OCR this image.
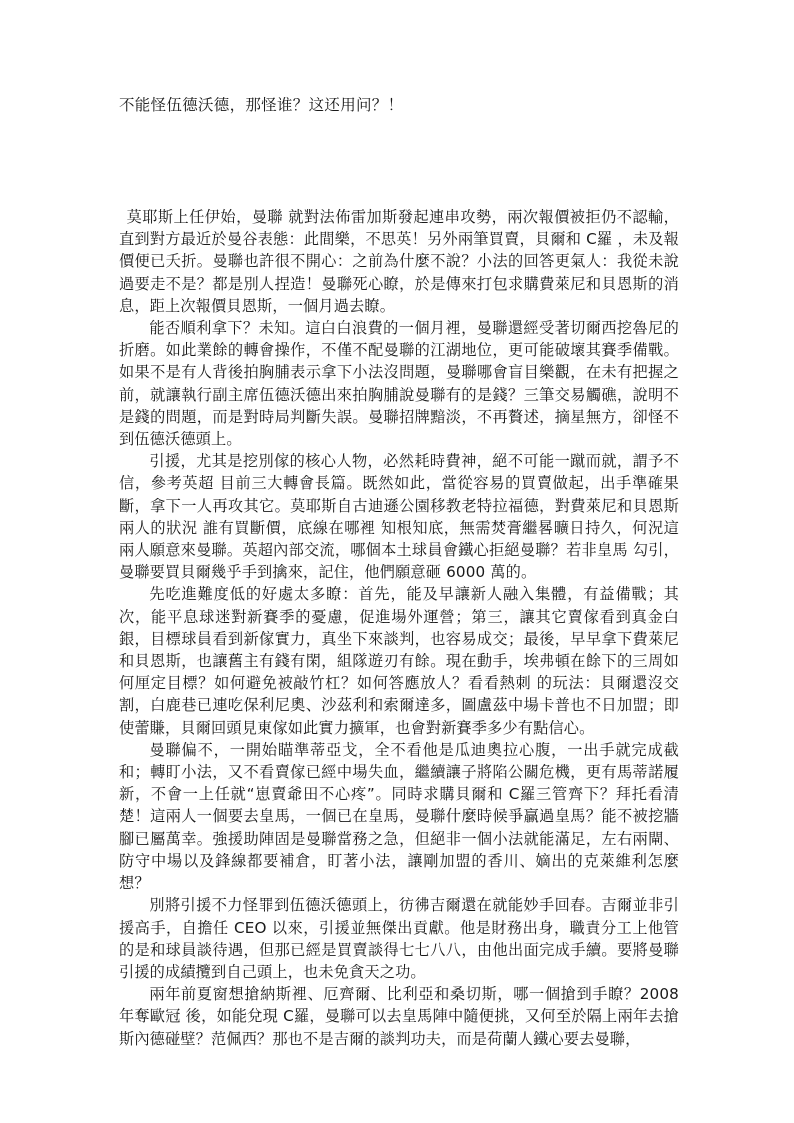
不能怪伍德沃德，那怪谁？这还用问？！

莫耶斯上任伊始，曼聯 就對法佈雷加斯發起連串攻勢，兩次報價被拒仍不認輸，直到對方最近於曼谷表態：此間樂，不思英！另外兩筆買賣，貝爾和 C羅 ，未及報價便已夭折。曼聯也許很不開心：之前為什麼不說？小法的回答更氣人：我從未說過要走不是？都是別人捏造！曼聯死心瞭，於是傳來打包求購費萊尼和貝恩斯的消息，距上次報價貝恩斯，一個月過去瞭。

能否順利拿下？未知。這白白浪費的一個月裡，曼聯還經受著切爾西挖魯尼的折磨。如此業餘的轉會操作，不僅不配曼聯的江湖地位，更可能破壞其賽季備戰。如果不是有人背後拍胸脯表示拿下小法沒問題，曼聯哪會盲目樂觀，在未有把握之前，就讓執行副主席伍德沃德出來拍胸脯說曼聯有的是錢？三筆交易觸礁，說明不是錢的問題，而是對時局判斷失誤。曼聯招牌黯淡，不再贅述，摘星無方，卻怪不到伍德沃德頭上。

引援，尤其是挖別傢的核心人物，必然耗時費神，絕不可能一蹴而就，謂予不信，參考英超 目前三大轉會長篇。既然如此，當從容易的買賣做起，出手準確果斷，拿下一人再攻其它。莫耶斯自古迪遜公園移教老特拉福德，對費萊尼和貝恩斯兩人的狀況 誰有買斷價，底線在哪裡 知根知底，無需焚膏繼晷曠日持久，何況這兩人願意來曼聯。英超內部交流，哪個本土球員會鐵心拒絕曼聯？若非皇馬 勾引，曼聯要買貝爾幾乎手到擒來，記住，他們願意砸 6000 萬的。

先吃進難度低的好處太多瞭：首先，能及早讓新人融入集體，有益備戰；其次，能平息球迷對新賽季的憂慮，促進場外運營；第三，讓其它賣傢看到真金白銀，目標球員看到新傢實力，真坐下來談判，也容易成交；最後，早早拿下費萊尼和貝恩斯，也讓舊主有錢有閑，組隊遊刃有餘。現在動手，埃弗頓在餘下的三周如何厘定目標？如何避免被敲竹杠？如何答應放人？看看熱刺 的玩法：貝爾還沒交割，白鹿巷已連吃保利尼奧、沙茲利和索爾達多，圖盧茲中場卡普也不日加盟；即使蕾賺，貝爾回頭見東傢如此實力擴軍，也會對新賽季多少有點信心。

曼聯偏不，一開始瞄準蒂亞戈，全不看他是瓜迪奧拉心腹，一出手就完成截和；轉盯小法，又不看賣傢已經中場失血，繼續讓子將陷公關危機，更有馬蒂諾履新，不會一上任就“崽賣爺田不心疼”。同時求購貝爾和 C羅三管齊下？拜托看清楚！這兩人一個要去皇馬，一個已在皇馬，曼聯什麼時候爭贏過皇馬？能不被挖牆腳已屬萬幸。強援助陣固是曼聯當務之急，但絕非一個小法就能滿足，左右兩閘、防守中場以及鋒線都要補倉，盯著小法，讓剛加盟的香川、嫡出的克萊維利怎麼想？

別將引援不力怪罪到伍德沃德頭上，彷彿吉爾還在就能妙手回春。吉爾並非引援高手，自擔任 CEO 以來，引援並無傑出貢獻。他是財務出身，職責分工上他管的是和球員談待遇，但那已經是買賣談得七七八八，由他出面完成手續。要將曼聯引援的成績攬到自己頭上，也未免貪天之功。

兩年前夏窗想搶納斯裡、厄齊爾、比利亞和桑切斯，哪一個搶到手瞭？2008 年奪歐冠 後，如能兌現 C羅，曼聯可以去皇馬陣中隨便挑，又何至於隔上兩年去搶斯內德碰壁？范佩西？那也不是吉爾的談判功夫，而是荷蘭人鐵心要去曼聯，
